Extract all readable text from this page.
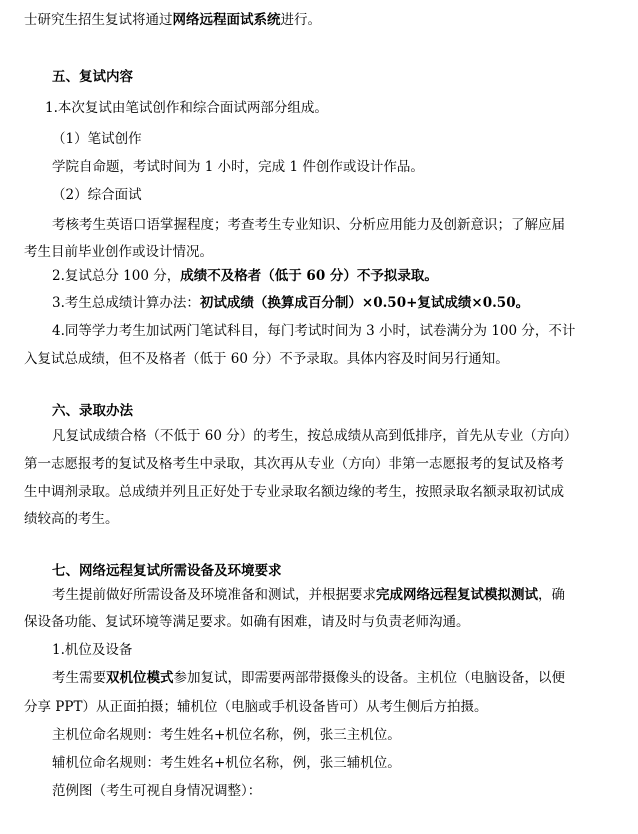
士研究生招生复试将通过网络远程面试系统进行。
五、复试内容
1.本次复试由笔试创作和综合面试两部分组成。
（1）笔试创作
学院自命题，考试时间为 1 小时，完成 1 件创作或设计作品。
（2）综合面试
考核考生英语口语掌握程度；考查考生专业知识、分析应用能力及创新意识；了解应届
考生目前毕业创作或设计情况。
2.复试总分 100 分，成绩不及格者（低于 60 分）不予拟录取。
3.考生总成绩计算办法：初试成绩（换算成百分制）×0.50+复试成绩×0.50。
4.同等学力考生加试两门笔试科目，每门考试时间为 3 小时，试卷满分为 100 分，不计
入复试总成绩，但不及格者（低于 60 分）不予录取。具体内容及时间另行通知。
六、录取办法
凡复试成绩合格（不低于 60 分）的考生，按总成绩从高到低排序，首先从专业（方向）
第一志愿报考的复试及格考生中录取，其次再从专业（方向）非第一志愿报考的复试及格考
生中调剂录取。总成绩并列且正好处于专业录取名额边缘的考生，按照录取名额录取初试成
绩较高的考生。
七、网络远程复试所需设备及环境要求
考生提前做好所需设备及环境准备和测试，并根据要求完成网络远程复试模拟测试，确
保设备功能、复试环境等满足要求。如确有困难，请及时与负责老师沟通。
1.机位及设备
考生需要双机位模式参加复试，即需要两部带摄像头的设备。主机位（电脑设备，以便
分享 PPT）从正面拍摄；辅机位（电脑或手机设备皆可）从考生侧后方拍摄。
主机位命名规则：考生姓名+机位名称，例，张三主机位。
辅机位命名规则：考生姓名+机位名称，例，张三辅机位。
范例图（考生可视自身情况调整）：
